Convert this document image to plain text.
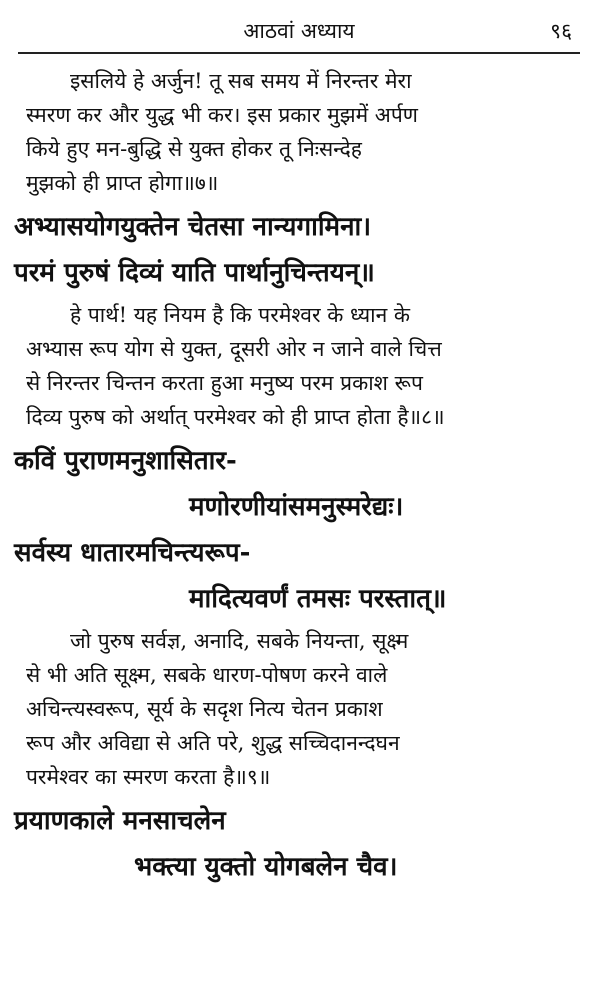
आठवां अध्याय	९६
इसलिये हे अर्जुन! तू सब समय में निरन्तर मेरा
स्मरण कर और युद्ध भी कर। इस प्रकार मुझमें अर्पण
किये हुए मन-बुद्धि से युक्त होकर तू निःसन्देह
मुझको ही प्राप्त होगा॥७॥
अभ्यासयोगयुक्तेन चेतसा नान्यगामिना।
परमं पुरुषं दिव्यं याति पार्थानुचिन्तयन्॥
हे पार्थ! यह नियम है कि परमेश्वर के ध्यान के
अभ्यास रूप योग से युक्त, दूसरी ओर न जाने वाले चित्त
से निरन्तर चिन्तन करता हुआ मनुष्य परम प्रकाश रूप
दिव्य पुरुष को अर्थात् परमेश्वर को ही प्राप्त होता है॥८॥
कविं पुराणमनुशासितार-
मणोरणीयांसमनुस्मरेद्यः।
सर्वस्य धातारमचिन्त्यरूप-
मादित्यवर्णं तमसः परस्तात्॥
जो पुरुष सर्वज्ञ, अनादि, सबके नियन्ता, सूक्ष्म
से भी अति सूक्ष्म, सबके धारण-पोषण करने वाले
अचिन्त्यस्वरूप, सूर्य के सदृश नित्य चेतन प्रकाश
रूप और अविद्या से अति परे, शुद्ध सच्चिदानन्दघन
परमेश्वर का स्मरण करता है॥९॥
प्रयाणकाले मनसाचलेन
भक्त्या युक्तो योगबलेन चैव।
